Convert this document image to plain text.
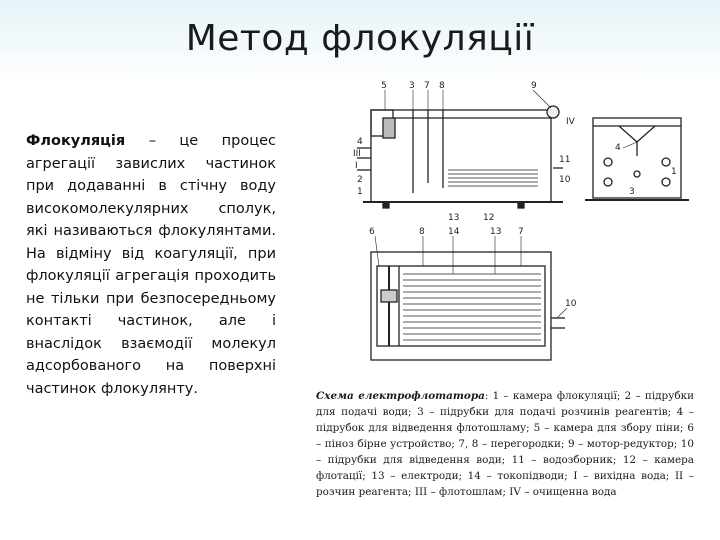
Метод флокуляції

Флокуляція – це процес агрегації завислих частинок при додаванні в стічну воду високомолекулярних сполук, які називаються флокулянтами. На відміну від коагуляції, при флокуляції агрегація проходить не тільки при безпосередньому контакті частинок, але і внаслідок взаємодії молекул адсорбованого на поверхні частинок флокулянту.

5 3 7 8	9
IV
4
III
I
11
2
1
13	12
10
4
1
3
6	8	14	13 7
10

Схема електрофлотатора: 1 – камера флокуляції; 2 – підрубки для подачі води; 3 – підрубки для подачі розчинів реагентів; 4 – підрубок для відведення флотошламу; 5 – камера для збору піни; 6 – піноз бірне устройство; 7, 8 – перегородки; 9 – мотор-редуктор; 10 – підрубки для відведення води; 11 – водозборник; 12 – камера флотації; 13 – електроди; 14 – токопідводи; I – вихідна вода; II – розчин реагента; III – флотошлам; IV – очищенна вода
